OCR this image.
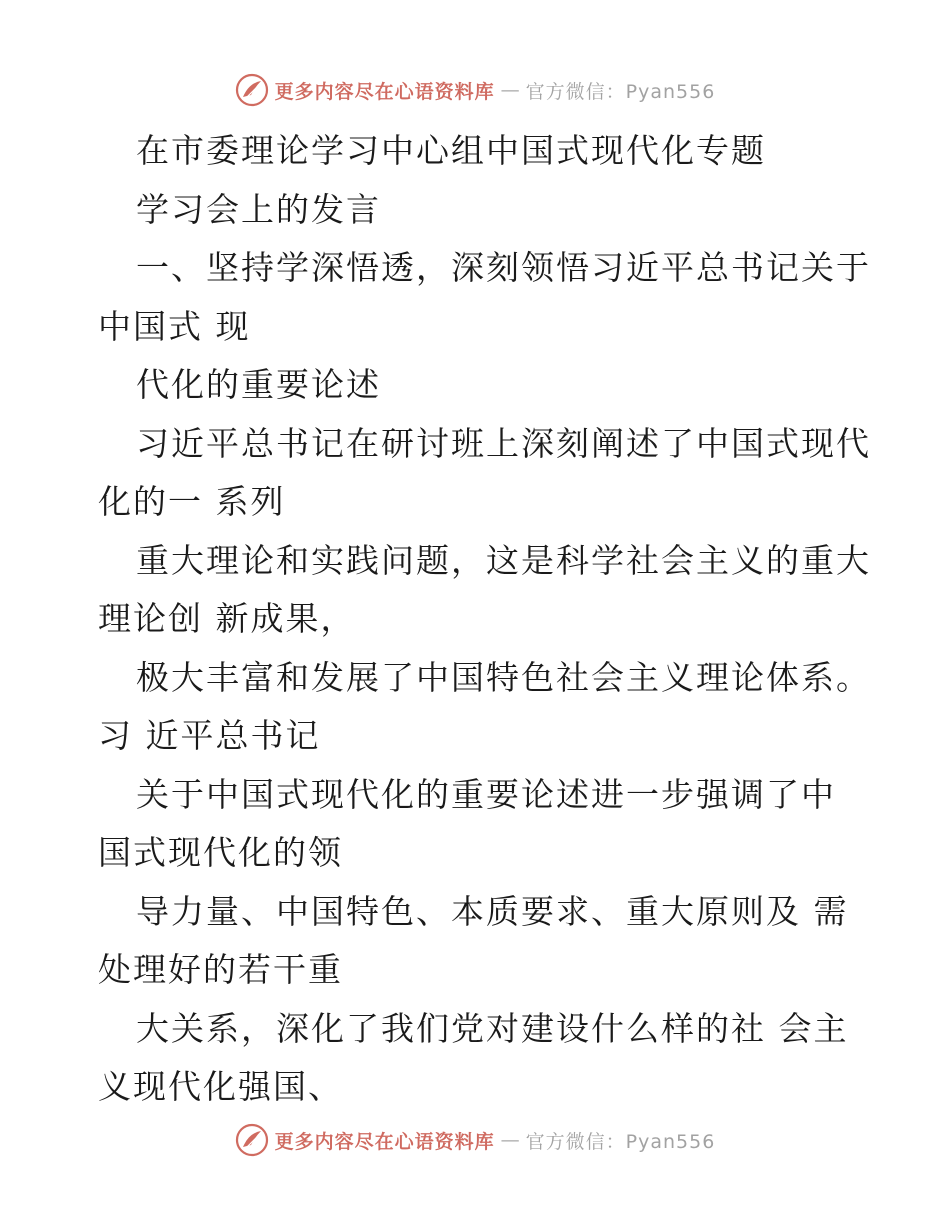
更多内容尽在心语资料库 — 官方微信：Pyan556
在市委理论学习中心组中国式现代化专题
学习会上的发言
一、坚持学深悟透，深刻领悟习近平总书记关于
中国式 现
代化的重要论述
习近平总书记在研讨班上深刻阐述了中国式现代
化的一 系列
重大理论和实践问题，这是科学社会主义的重大
理论创 新成果，
极大丰富和发展了中国特色社会主义理论体系。
习 近平总书记
关于中国式现代化的重要论述进一步强调了中
国式现代化的领
导力量、中国特色、本质要求、重大原则及 需
处理好的若干重
大关系，深化了我们党对建设什么样的社 会主
义现代化强国、
更多内容尽在心语资料库 — 官方微信：Pyan556
